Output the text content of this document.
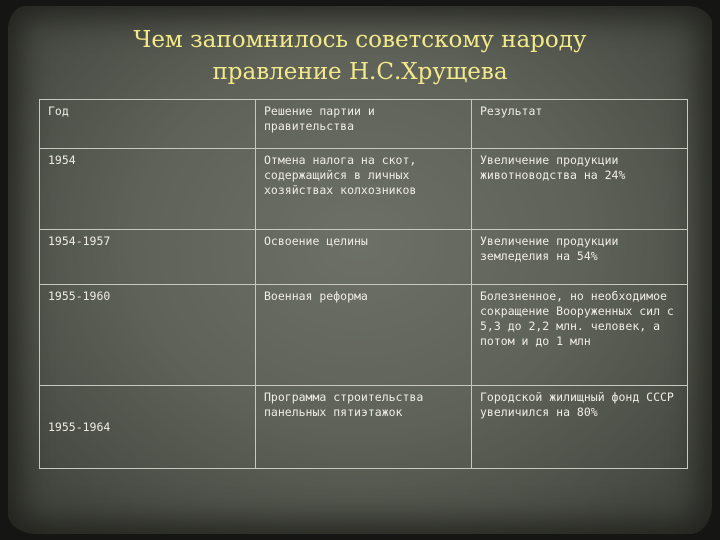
Чем запомнилось советскому народу
правление Н.С.Хрущева
Год	Решение партии и правительства	Результат
1954	Отмена налога на скот, содержащийся в личных хозяйствах колхозников	Увеличение продукции животноводства на 24%
1954-1957	Освоение целины	Увеличение продукции земледелия на 54%
1955-1960	Военная реформа	Болезненное, но необходимое сокращение Вооруженных сил с 5,3 до 2,2 млн. человек, а потом и до 1 млн
1955-1964	Программа строительства панельных пятиэтажок	Городской жилищный фонд СССР увеличился на 80%
